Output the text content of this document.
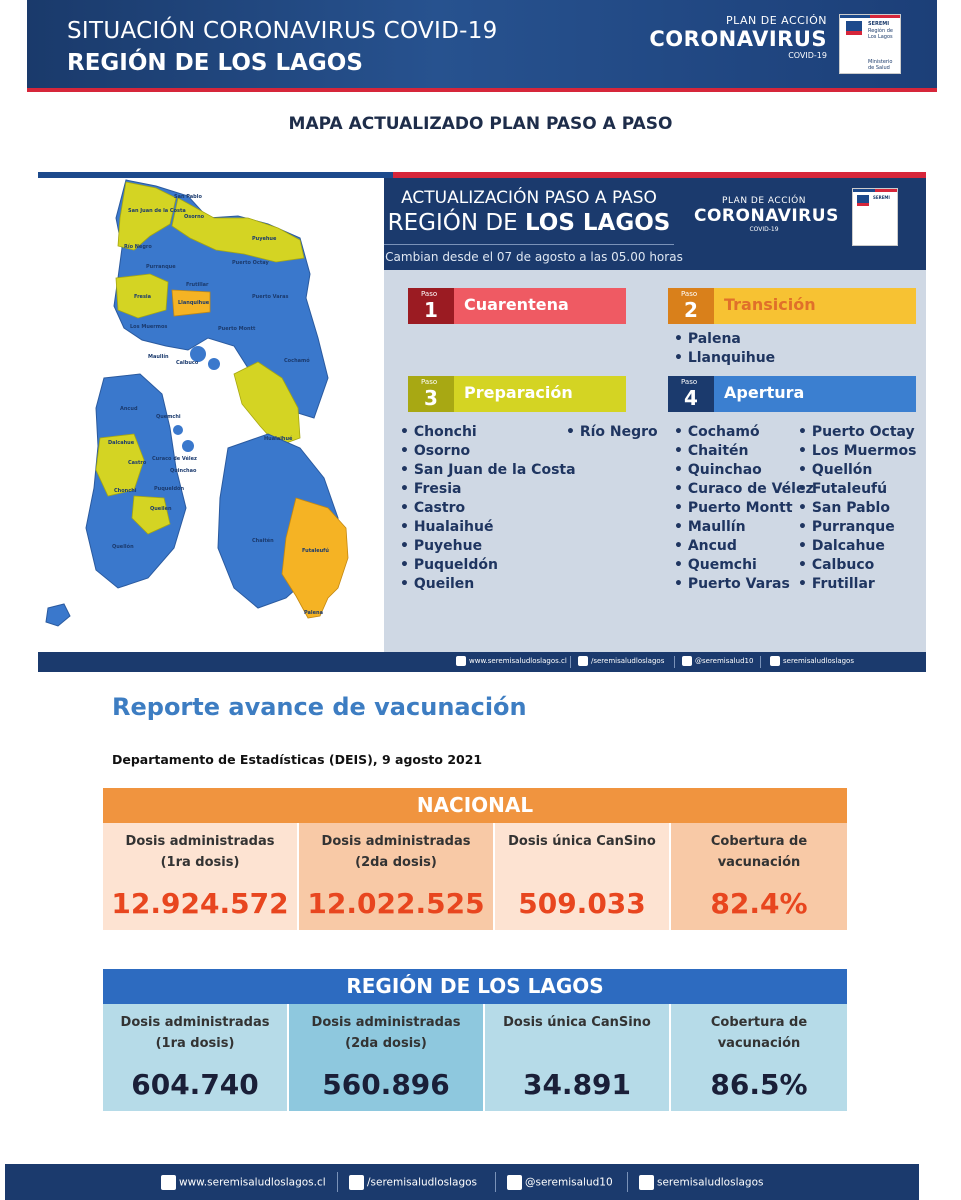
SITUACIÓN CORONAVIRUS COVID-19
REGIÓN DE LOS LAGOS
PLAN DE ACCIÓN
CORONAVIRUS
COVID-19
SEREMI
Región de Los Lagos
Ministerio de Salud
MAPA ACTUALIZADO PLAN PASO A PASO
San Pablo
San Juan de la Costa
Osorno
Río Negro
Puyehue
Purranque
Puerto Octay
Frutillar
Fresia
Llanquihue
Puerto Varas
Los Muermos	Puerto Montt
Maullín
Calbuco	Cochamó
Ancud
Quemchi
Dalcahue
Hualaihué
Curaco de Vélez
Quinchao
Castro
Chonchi	Puqueldón
Queilen
Quellón
Chaitén
Futaleufú
Palena
ACTUALIZACIÓN PASO A PASO
REGIÓN DE LOS LAGOS
Cambian desde el 07 de agosto a las 05.00 horas
PLAN DE ACCIÓN
CORONAVIRUS
COVID-19
SEREMI
Paso
1	Cuarentena
Paso
2	Transición
• Palena
• Llanquihue
Paso
3	Preparación
Paso
4	Apertura
• Chonchi
• Osorno
• San Juan de la Costa
• Fresia
• Castro
• Hualaihué
• Puyehue
• Puqueldón
• Queilen
• Río Negro
•	Cochamó
• Chaitén
• Quinchao
• Curaco de Vélez
• Puerto Montt
• Maullín
• Ancud
• Quemchi
• Puerto Varas
• Puerto Octay
• Los Muermos
• Quellón
• Futaleufú
• San Pablo
• Purranque
• Dalcahue
• Calbuco
• Frutillar
www.seremisaludloslagos.cl	/seremisaludloslagos	@seremisalud10	seremisaludloslagos
Reporte avance de vacunación
Departamento de Estadísticas (DEIS), 9 agosto 2021
NACIONAL
Dosis administradas
(1ra dosis)
12.924.572
Dosis administradas
(2da dosis)
12.022.525
Dosis única CanSino
509.033
Cobertura de
vacunación
82.4%
REGIÓN DE LOS LAGOS
Dosis administradas
(1ra dosis)
604.740
Dosis administradas
(2da dosis)
560.896
Dosis única CanSino
34.891
Cobertura de
vacunación
86.5%
www.seremisaludloslagos.cl	/seremisaludloslagos	@seremisalud10	seremisaludloslagos
